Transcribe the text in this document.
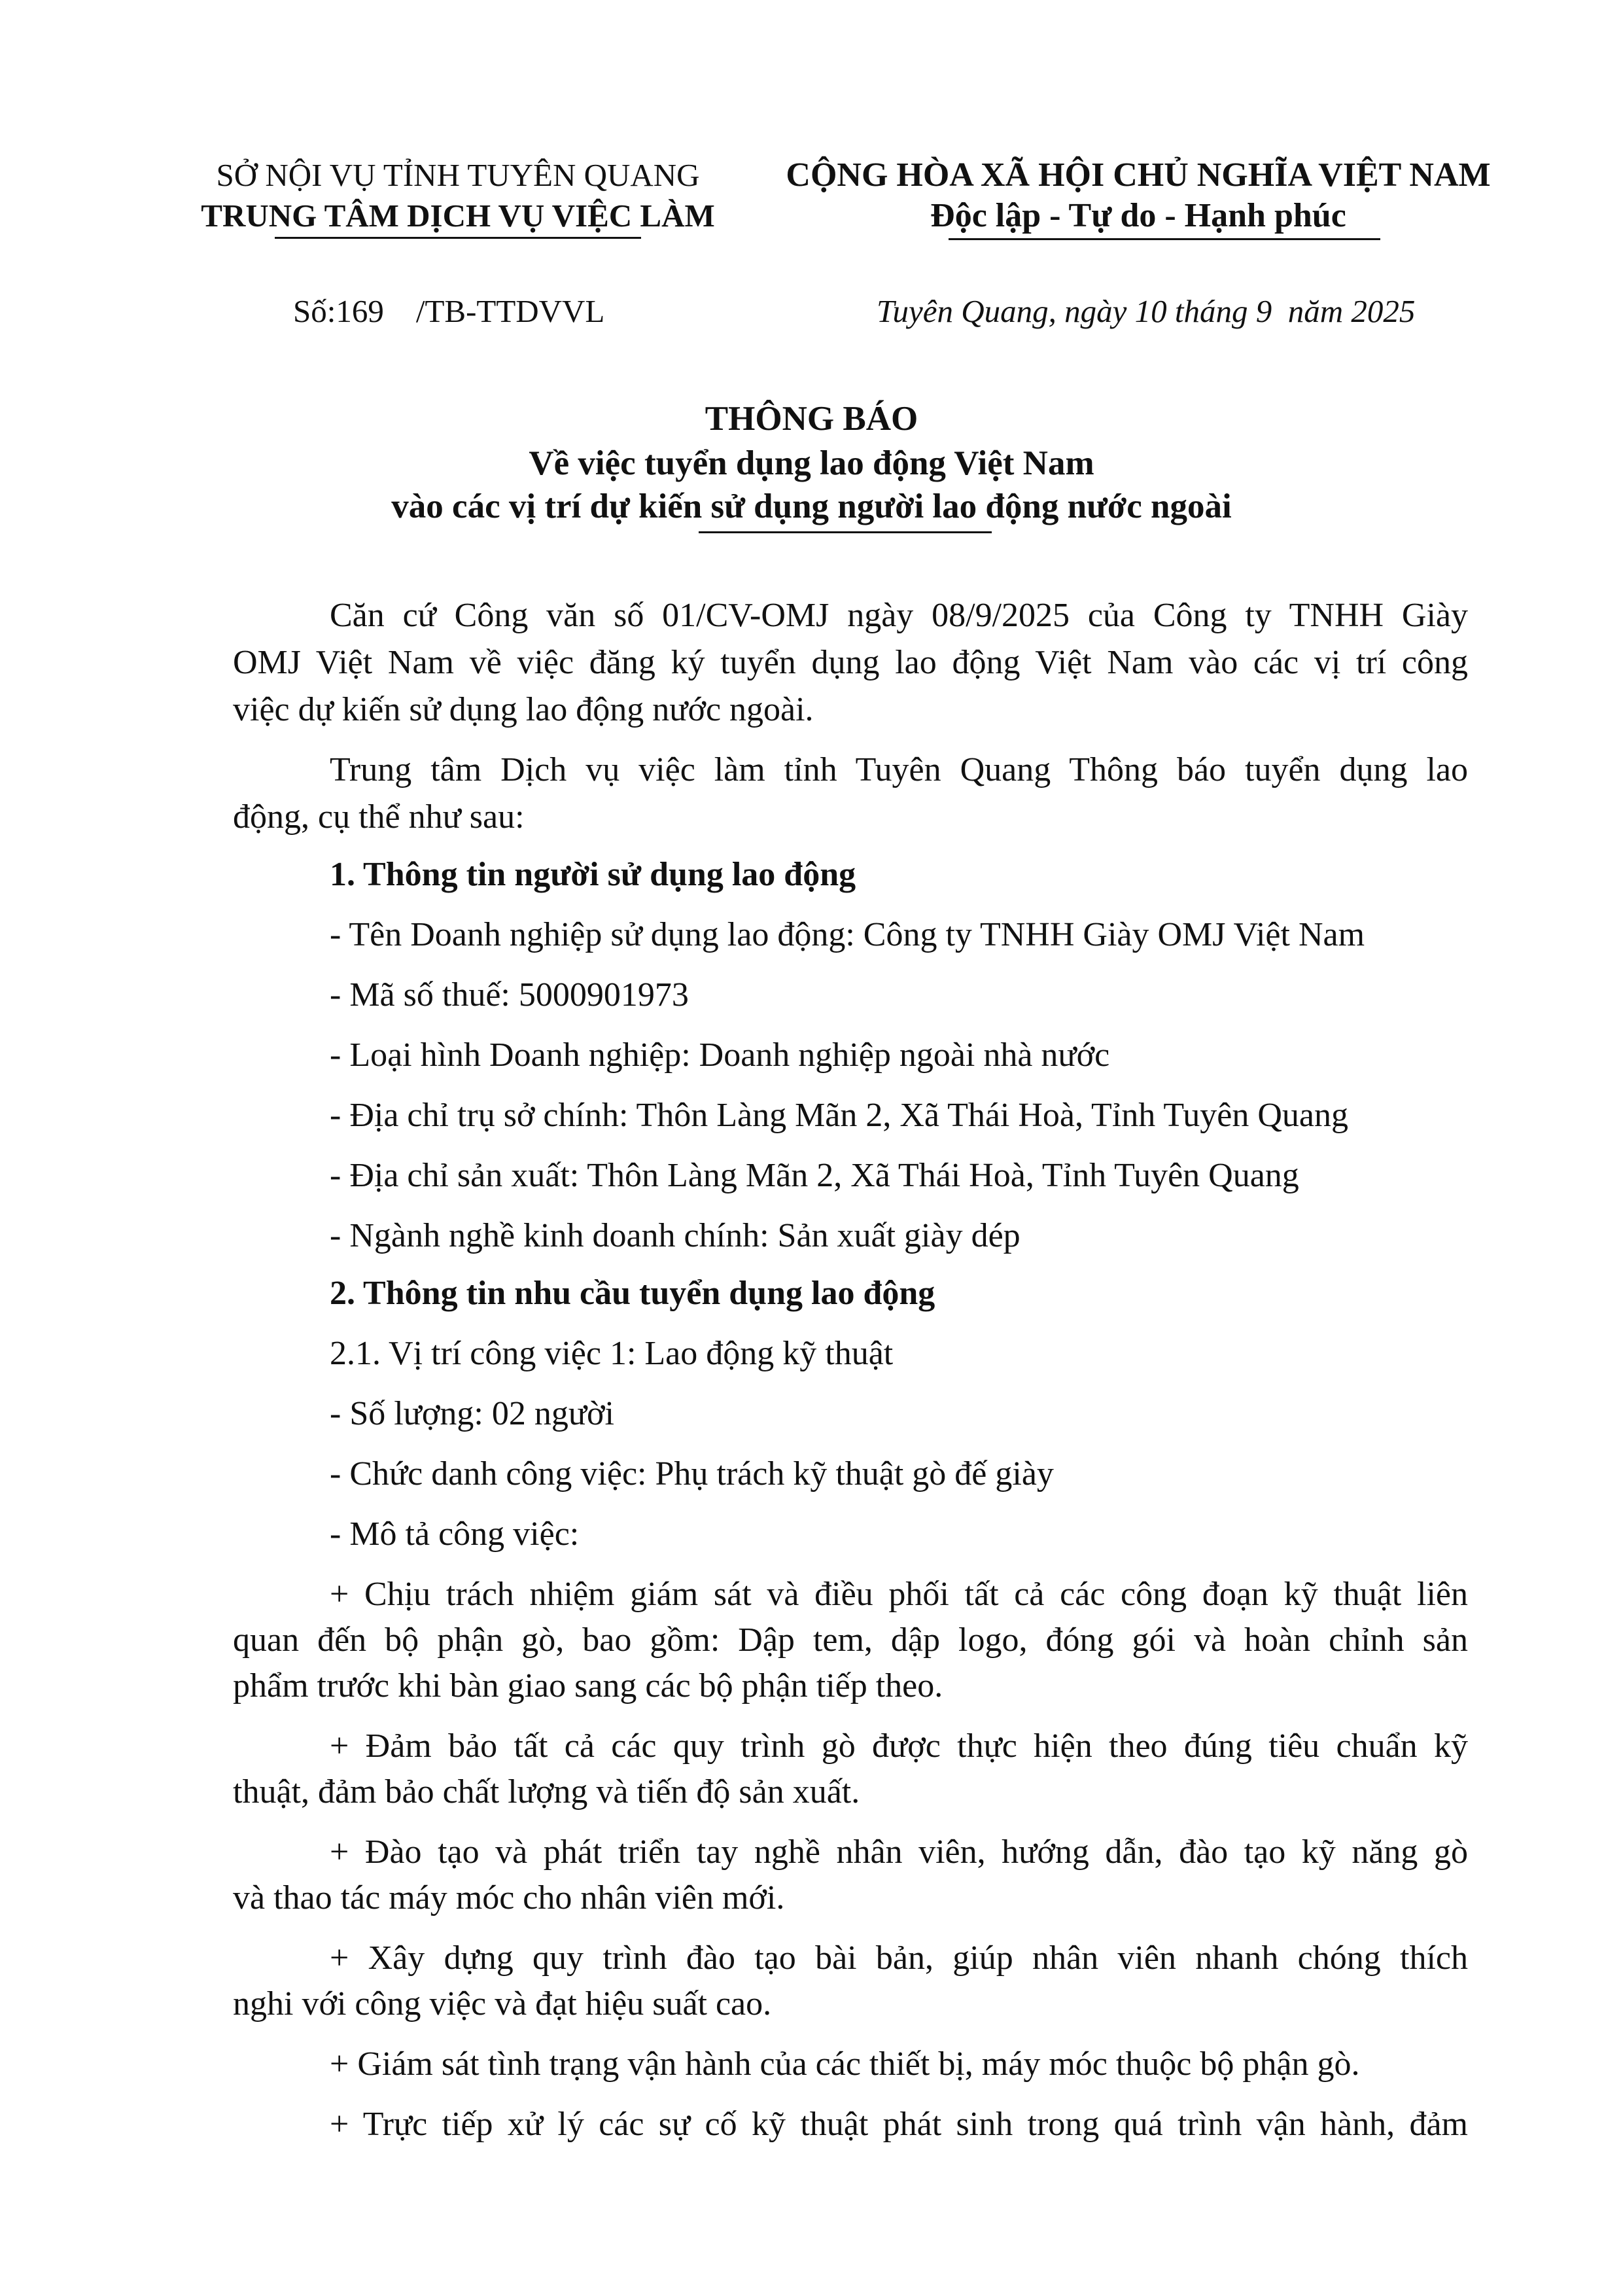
SỞ NỘI VỤ TỈNH TUYÊN QUANG
TRUNG TÂM DỊCH VỤ VIỆC LÀM
CỘNG HÒA XÃ HỘI CHỦ NGHĨA VIỆT NAM
Độc lập - Tự do - Hạnh phúc
Số:169    /TB-TTDVVL	Tuyên Quang, ngày 10 tháng 9  năm 2025
THÔNG BÁO
Về việc tuyển dụng lao động Việt Nam
vào các vị trí dự kiến sử dụng người lao động nước ngoài
Căn cứ Công văn số 01/CV-OMJ ngày 08/9/2025 của Công ty TNHH Giày
OMJ Việt Nam về việc đăng ký tuyển dụng lao động Việt Nam vào các vị trí công
việc dự kiến sử dụng lao động nước ngoài.
Trung tâm Dịch vụ việc làm tỉnh Tuyên Quang Thông báo tuyển dụng lao
động, cụ thể như sau:
1. Thông tin người sử dụng lao động
- Tên Doanh nghiệp sử dụng lao động: Công ty TNHH Giày OMJ Việt Nam
- Mã số thuế: 5000901973
- Loại hình Doanh nghiệp: Doanh nghiệp ngoài nhà nước
- Địa chỉ trụ sở chính: Thôn Làng Mãn 2, Xã Thái Hoà, Tỉnh Tuyên Quang
- Địa chỉ sản xuất: Thôn Làng Mãn 2, Xã Thái Hoà, Tỉnh Tuyên Quang
- Ngành nghề kinh doanh chính: Sản xuất giày dép
2. Thông tin nhu cầu tuyển dụng lao động
2.1. Vị trí công việc 1: Lao động kỹ thuật
- Số lượng: 02 người
- Chức danh công việc: Phụ trách kỹ thuật gò đế giày
- Mô tả công việc:
+ Chịu trách nhiệm giám sát và điều phối tất cả các công đoạn kỹ thuật liên
quan đến bộ phận gò, bao gồm: Dập tem, dập logo, đóng gói và hoàn chỉnh sản
phẩm trước khi bàn giao sang các bộ phận tiếp theo.
+ Đảm bảo tất cả các quy trình gò được thực hiện theo đúng tiêu chuẩn kỹ
thuật, đảm bảo chất lượng và tiến độ sản xuất.
+ Đào tạo và phát triển tay nghề nhân viên, hướng dẫn, đào tạo kỹ năng gò
và thao tác máy móc cho nhân viên mới.
+ Xây dựng quy trình đào tạo bài bản, giúp nhân viên nhanh chóng thích
nghi với công việc và đạt hiệu suất cao.
+ Giám sát tình trạng vận hành của các thiết bị, máy móc thuộc bộ phận gò.
+ Trực tiếp xử lý các sự cố kỹ thuật phát sinh trong quá trình vận hành, đảm
